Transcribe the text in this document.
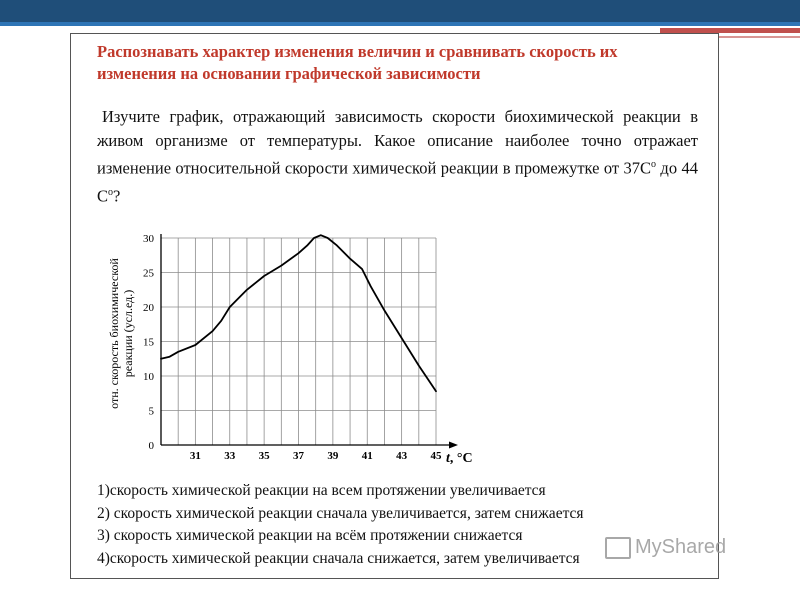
Распознавать характер изменения величин и сравнивать скорость их изменения на основании графической зависимости
Изучите график, отражающий зависимость скорости биохимической реакции в живом организме от температуры. Какое описание наиболее точно отражает изменение относительной скорости химической реакции в промежутке от $37С^о$ до 44 $С^о$?
0
5
10
15
20
25
30
31 33 35 37 39 41 43 45 t, °C
отн. скорость биохимической реакции (усл.ед.)
1)скорость химической реакции на всем протяжении увеличивается
2) скорость химической реакции сначала увеличивается, затем снижается
3) скорость химической реакции на всём протяжении снижается
4)скорость химической реакции сначала снижается, затем увеличивается	MyShared
